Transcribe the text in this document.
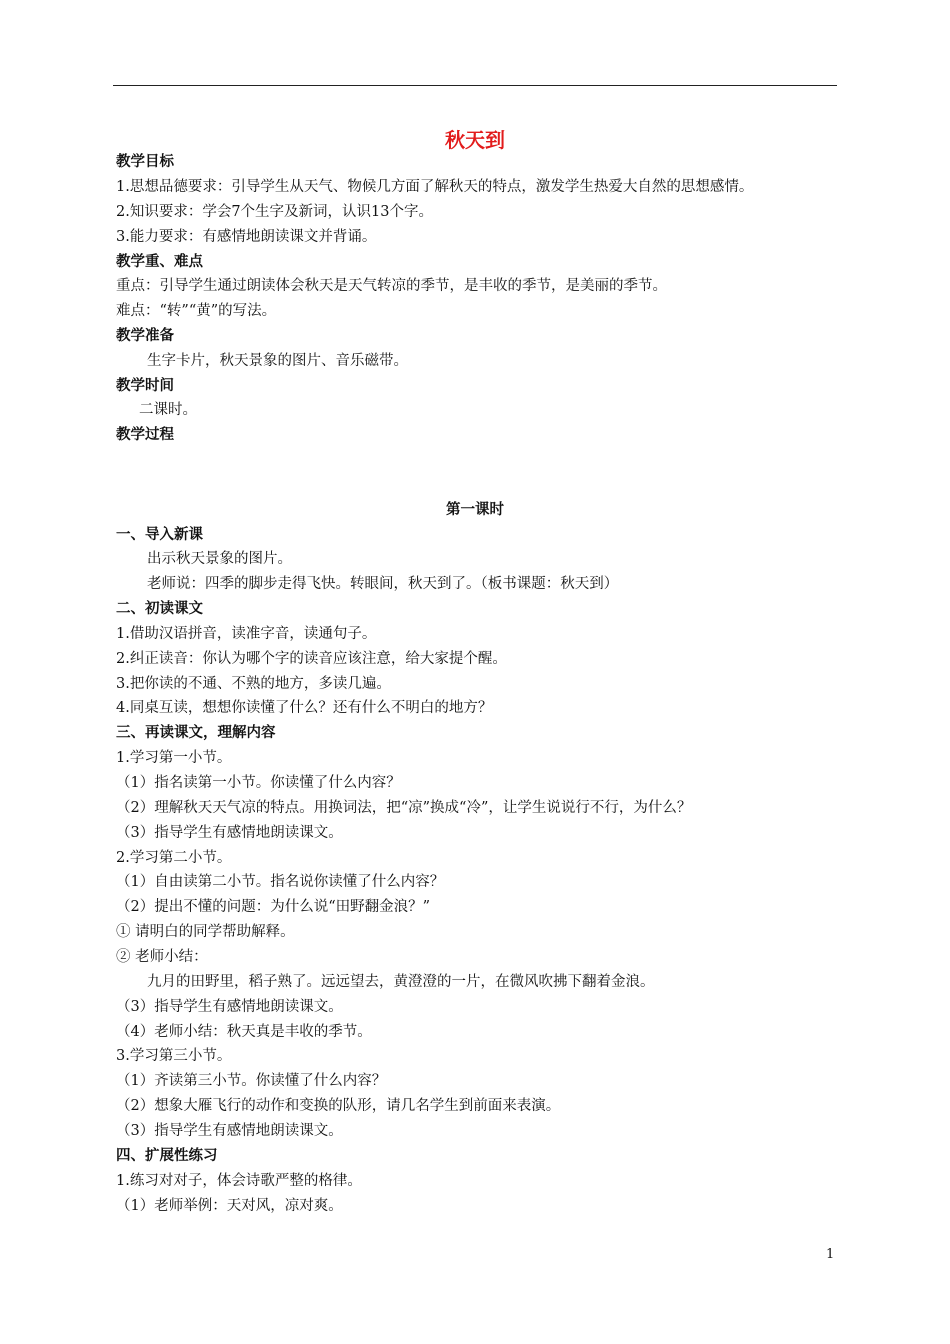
秋天到
教学目标
1.思想品德要求：引导学生从天气、物候几方面了解秋天的特点，激发学生热爱大自然的思想感情。
2.知识要求：学会7个生字及新词，认识13个字。
3.能力要求：有感情地朗读课文并背诵。
教学重、难点
重点：引导学生通过朗读体会秋天是天气转凉的季节，是丰收的季节，是美丽的季节。
难点：“转”“黄”的写法。
教学准备
生字卡片，秋天景象的图片、音乐磁带。
教学时间
二课时。
教学过程
第一课时
一、导入新课
出示秋天景象的图片。
老师说：四季的脚步走得飞快。转眼间，秋天到了。（板书课题：秋天到）
二、初读课文
1.借助汉语拼音，读准字音，读通句子。
2.纠正读音：你认为哪个字的读音应该注意，给大家提个醒。
3.把你读的不通、不熟的地方，多读几遍。
4.同桌互读，想想你读懂了什么？还有什么不明白的地方？
三、再读课文，理解内容
1.学习第一小节。
（1）指名读第一小节。你读懂了什么内容？
（2）理解秋天天气凉的特点。用换词法，把“凉”换成“冷”，让学生说说行不行，为什么？
（3）指导学生有感情地朗读课文。
2.学习第二小节。
（1）自由读第二小节。指名说你读懂了什么内容？
（2）提出不懂的问题：为什么说“田野翻金浪？”
① 请明白的同学帮助解释。
② 老师小结：
九月的田野里，稻子熟了。远远望去，黄澄澄的一片，在微风吹拂下翻着金浪。
（3）指导学生有感情地朗读课文。
（4）老师小结：秋天真是丰收的季节。
3.学习第三小节。
（1）齐读第三小节。你读懂了什么内容？
（2）想象大雁飞行的动作和变换的队形，请几名学生到前面来表演。
（3）指导学生有感情地朗读课文。
四、扩展性练习
1.练习对对子，体会诗歌严整的格律。
（1）老师举例：天对风，凉对爽。
1
